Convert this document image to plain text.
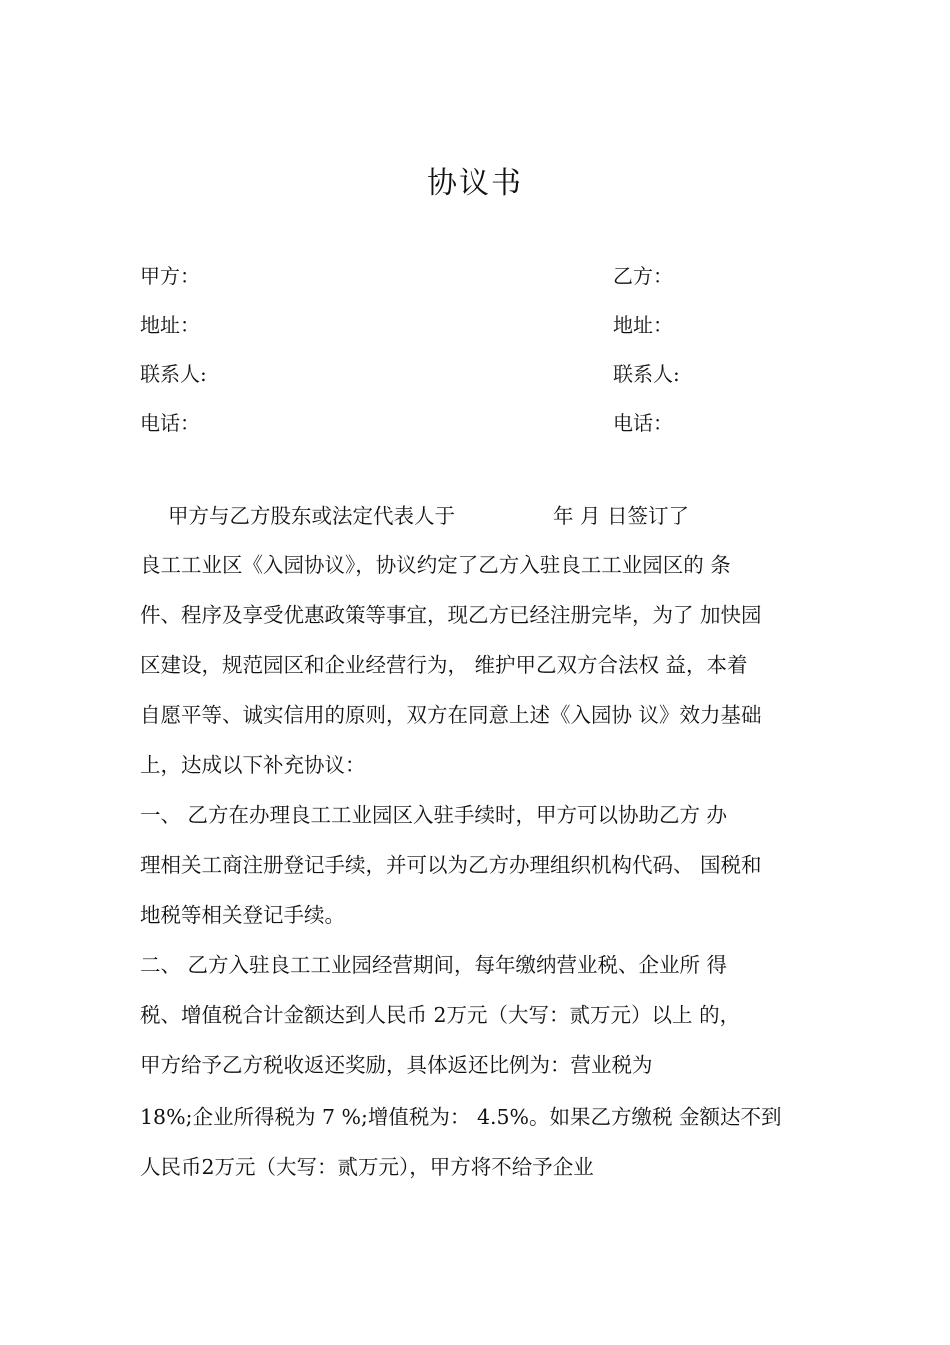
协议书
甲方：
地址：
联系人:
电话：
乙方：
地址：
联系人:
电话：
甲方与乙方股东或法定代表人于	年 月 日签订了
良工工业区《入园协议》，协议约定了乙方入驻良工工业园区的 条
件、程序及享受优惠政策等事宜，现乙方已经注册完毕，为了 加快园
区建设，规范园区和企业经营行为， 维护甲乙双方合法权 益，本着
自愿平等、诚实信用的原则，双方在同意上述《入园协 议》效力基础
上，达成以下补充协议：
一、 乙方在办理良工工业园区入驻手续时，甲方可以协助乙方 办
理相关工商注册登记手续，并可以为乙方办理组织机构代码、 国税和
地税等相关登记手续。
二、 乙方入驻良工工业园经营期间，每年缴纳营业税、企业所 得
税、增值税合计金额达到人民币 2万元（大写：贰万元）以上 的，
甲方给予乙方税收返还奖励，具体返还比例为：营业税为
18%;企业所得税为 7 %;增值税为： 4.5%。如果乙方缴税 金额达不到
人民币2万元（大写：贰万元），甲方将不给予企业
